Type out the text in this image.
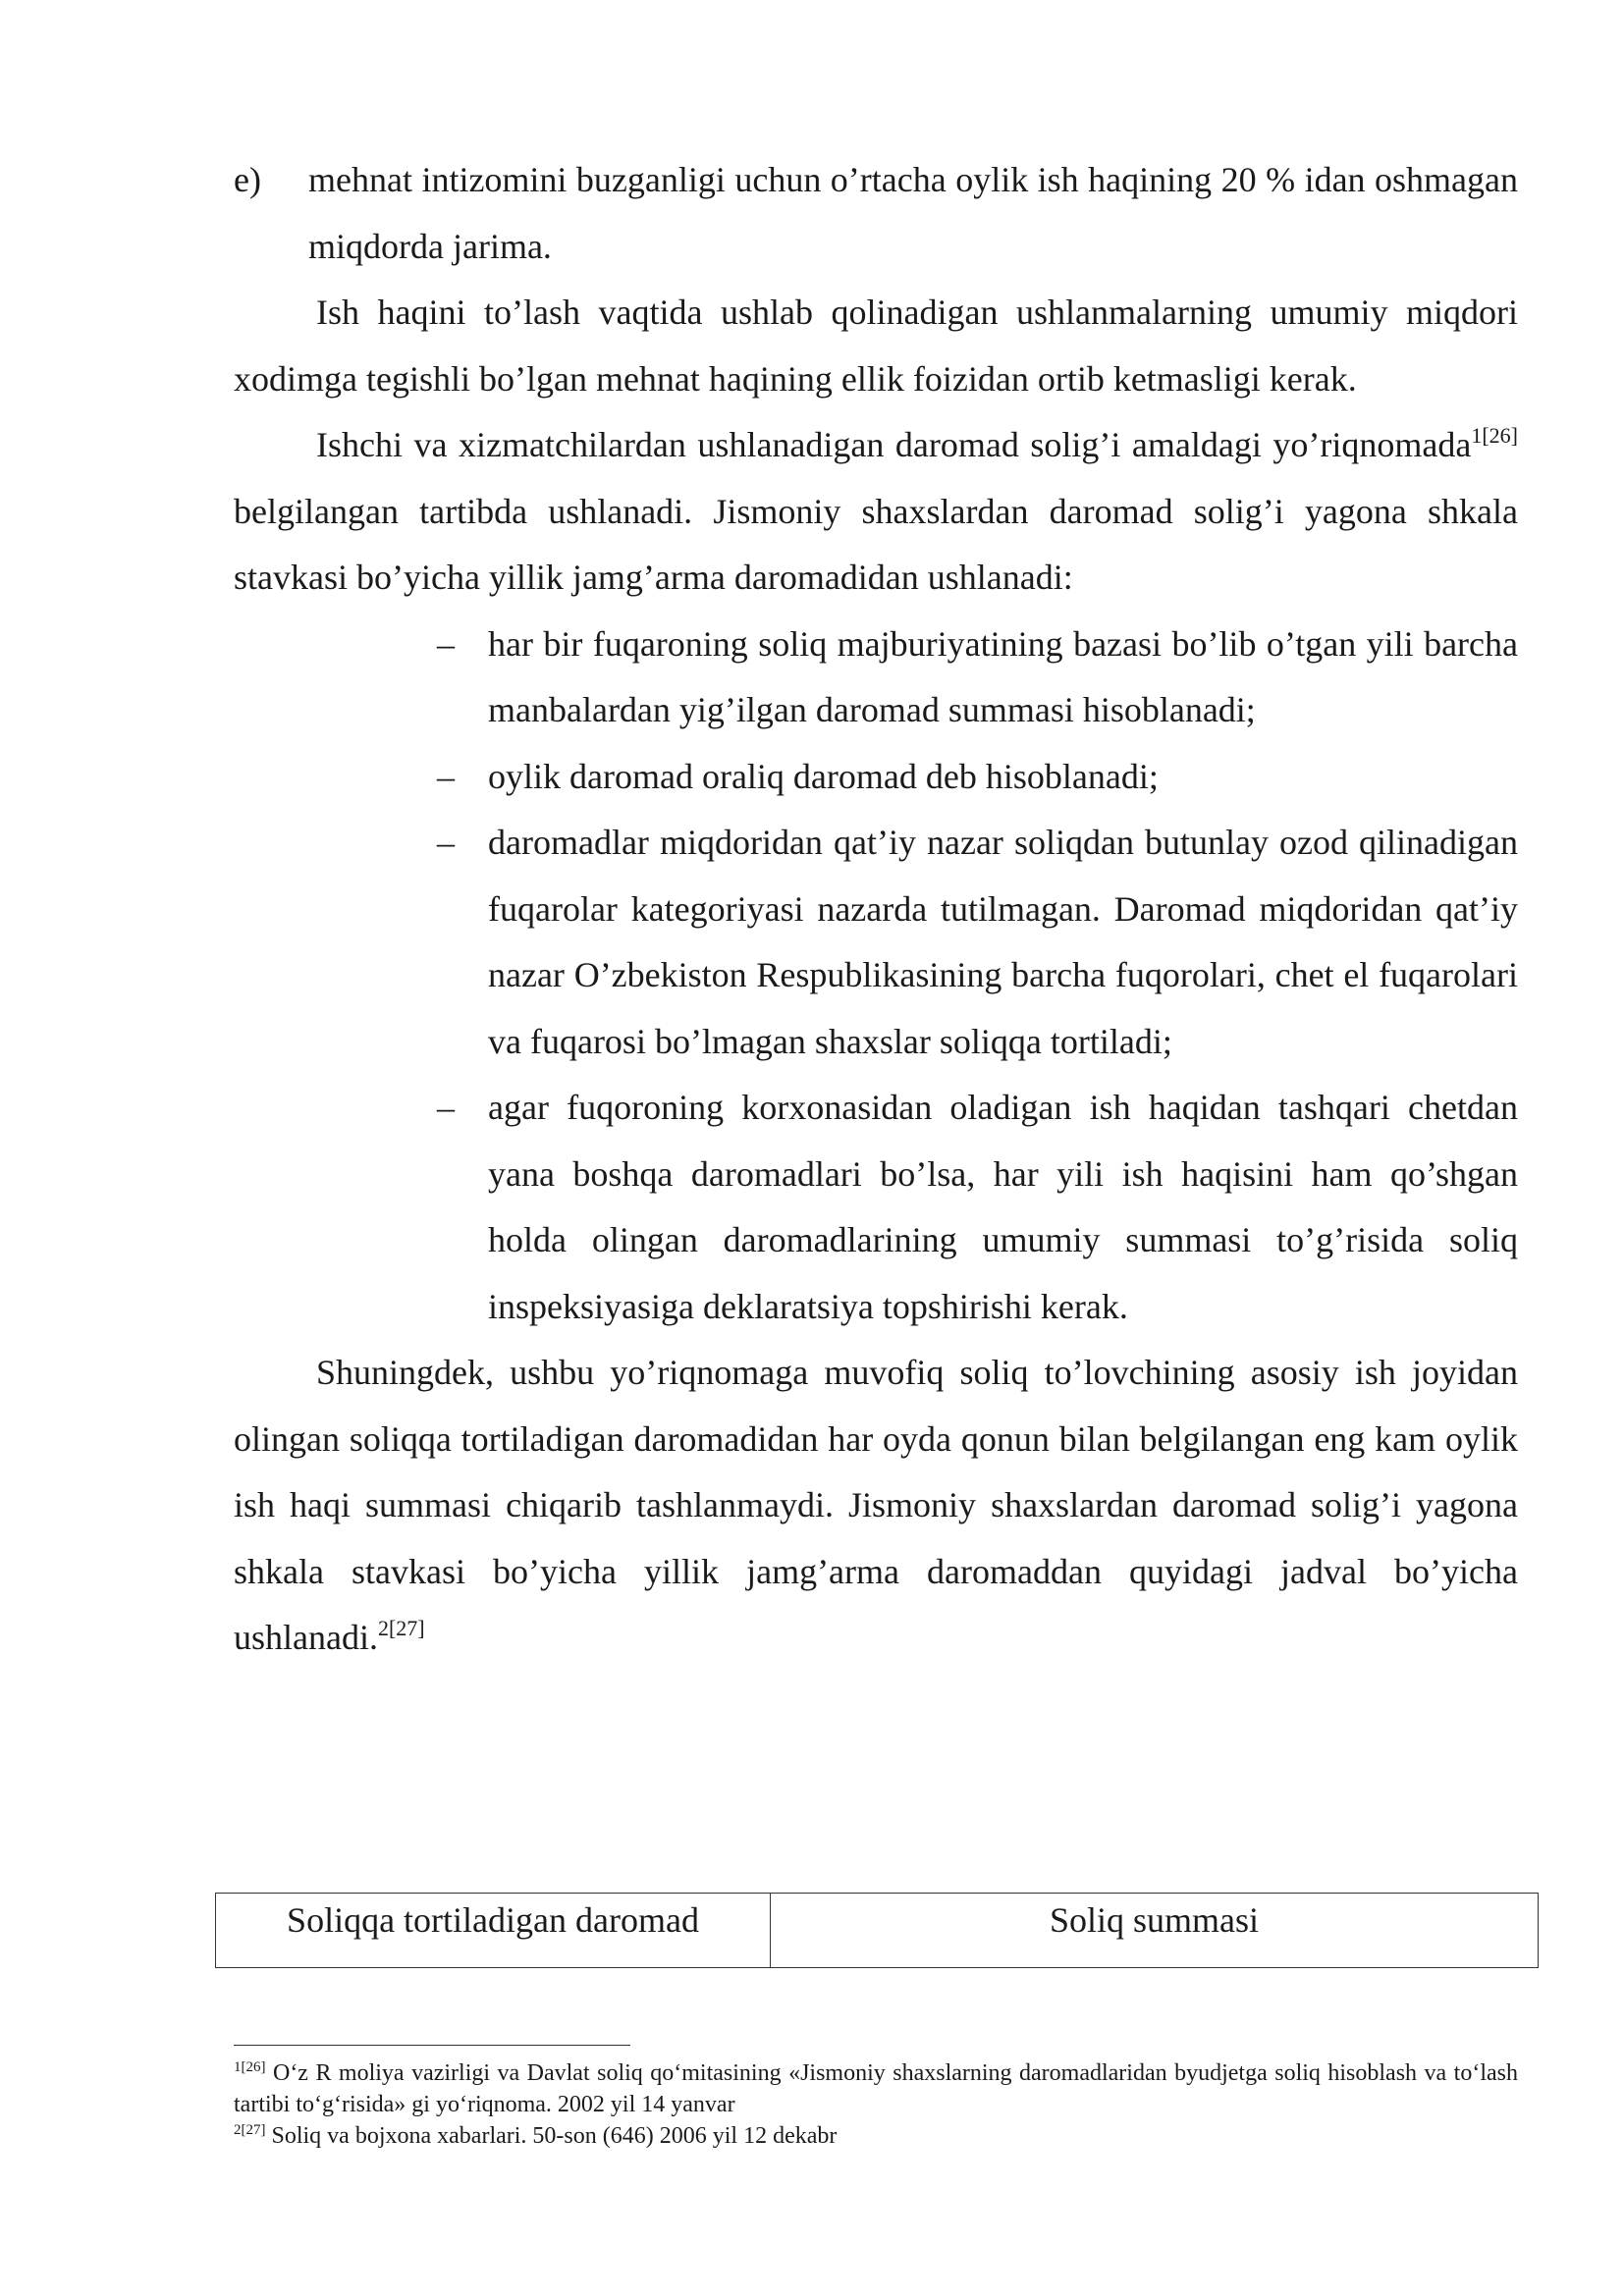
e)	mehnat intizomini buzganligi uchun o’rtacha oylik ish haqining 20 % idan oshmagan miqdorda jarima.

Ish haqini to’lash vaqtida ushlab qolinadigan ushlanmalarning umumiy miqdori xodimga tegishli bo’lgan mehnat haqining ellik foizidan ortib ketmasligi kerak.

Ishchi va xizmatchilardan ushlanadigan daromad solig’i amaldagi yo’riqnomada$^{1[26]}$ belgilangan tartibda ushlanadi. Jismoniy shaxslardan daromad solig’i yagona shkala stavkasi bo’yicha yillik jamg’arma daromadidan ushlanadi:

– har bir fuqaroning soliq majburiyatining bazasi bo’lib o’tgan yili barcha manbalardan yig’ilgan daromad summasi hisoblanadi;
– oylik daromad oraliq daromad deb hisoblanadi;
– daromadlar miqdoridan qat’iy nazar soliqdan butunlay ozod qilinadigan fuqarolar kategoriyasi nazarda tutilmagan. Daromad miqdoridan qat’iy nazar O’zbekiston Respublikasining barcha fuqorolari, chet el fuqarolari va fuqarosi bo’lmagan shaxslar soliqqa tortiladi;
– agar fuqoroning korxonasidan oladigan ish haqidan tashqari chetdan yana boshqa daromadlari bo’lsa, har yili ish haqisini ham qo’shgan holda olingan daromadlarining umumiy summasi to’g’risida soliq inspeksiyasiga deklaratsiya topshirishi kerak.

Shuningdek, ushbu yo’riqnomaga muvofiq soliq to’lovchining asosiy ish joyidan olingan soliqqa tortiladigan daromadidan har oyda qonun bilan belgilangan eng kam oylik ish haqi summasi chiqarib tashlanmaydi. Jismoniy shaxslardan daromad solig’i yagona shkala stavkasi bo’yicha yillik jamg’arma daromaddan quyidagi jadval bo’yicha ushlanadi.$^{2[27]}$

Soliqqa tortiladigan daromad	Soliq summasi

$^{1[26]}$ O‘z R moliya vazirligi va Davlat soliq qo‘mitasining «Jismoniy shaxslarning daromadlaridan byudjetga soliq hisoblash va to‘lash tartibi to‘g‘risida» gi yo‘riqnoma. 2002 yil 14 yanvar

$^{2[27]}$ Soliq va bojxona xabarlari. 50-son (646) 2006 yil 12 dekabr
